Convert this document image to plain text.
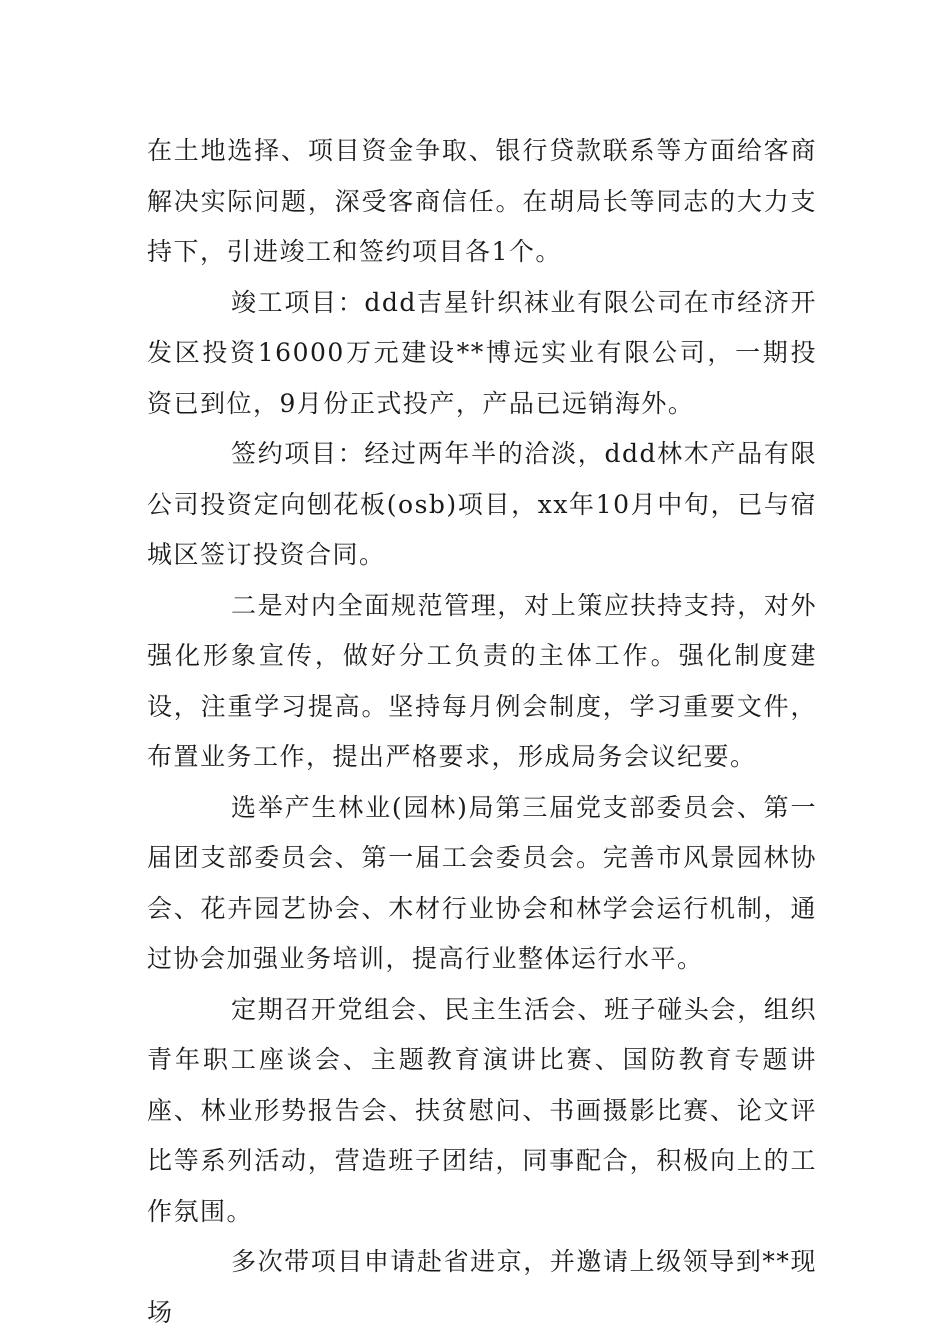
在土地选择、项目资金争取、银行贷款联系等方面给客商解决实际问题，深受客商信任。在胡局长等同志的大力支持下，引进竣工和签约项目各1个。

竣工项目：ddd吉星针织袜业有限公司在市经济开发区投资16000万元建设**博远实业有限公司，一期投资已到位，9月份正式投产，产品已远销海外。

签约项目：经过两年半的洽淡，ddd林木产品有限公司投资定向刨花板(osb)项目，xx年10月中旬，已与宿城区签订投资合同。

二是对内全面规范管理，对上策应扶持支持，对外强化形象宣传，做好分工负责的主体工作。强化制度建设，注重学习提高。坚持每月例会制度，学习重要文件，布置业务工作，提出严格要求，形成局务会议纪要。

选举产生林业(园林)局第三届党支部委员会、第一届团支部委员会、第一届工会委员会。完善市风景园林协会、花卉园艺协会、木材行业协会和林学会运行机制，通过协会加强业务培训，提高行业整体运行水平。

定期召开党组会、民主生活会、班子碰头会，组织青年职工座谈会、主题教育演讲比赛、国防教育专题讲座、林业形势报告会、扶贫慰问、书画摄影比赛、论文评比等系列活动，营造班子团结，同事配合，积极向上的工作氛围。

多次带项目申请赴省进京，并邀请上级领导到**现场
